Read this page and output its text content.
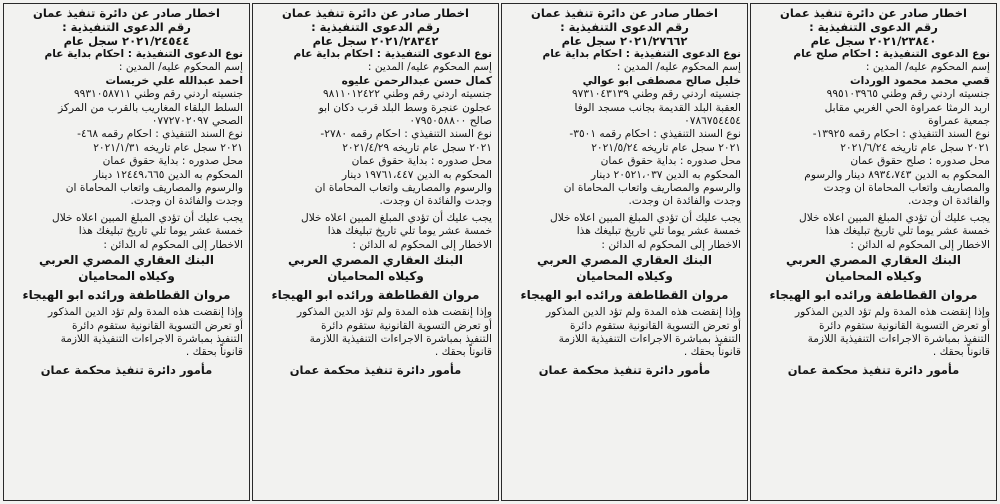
اخطار صادر عن دائرة تنفيذ عمان
رقم الدعوى التنفيذية :
٢٠٢١/٢٣٨٤٠ سجل عام
نوع الدعوى التنفيذية : احكام صلح عام
إسم المحكوم عليه/ المدين :
قصي محمد محمود الوردات
جنسيته اردني رقم وطني ٩٩٥١٠٣٩٦٥
اربد الرمثا عمراوة الحي الغربي مقابل
جمعية عمراوة
نوع السند التنفيذي : احكام رقمه ١٣٩٢٥-
٢٠٢١ سجل عام تاريخه ٢٠٢١/٦/٢٤
محل صدوره : صلح حقوق عمان
المحكوم به الدين ٨٩٣٤،٧٤٣ دينار والرسوم
والمصاريف واتعاب المحاماة ان وجدت
والفائدة ان وجدت.
يجب عليك أن تؤدي المبلغ المبين اعلاه خلال
خمسة عشر يوما تلي تاريخ تبليغك هذا
الاخطار إلى المحكوم له الدائن :
البنك العقاري المصري العربي
وكيلاه المحاميان
مروان القطاطفة ورائده ابو الهيجاء
وإذا إنقضت هذه المدة ولم تؤد الدين المذكور
أو تعرض التسوية القانونية ستقوم دائرة
التنفيذ بمباشرة الاجراءات التنفيذية اللازمة
قانوناً بحقك .
مأمور دائرة تنفيذ محكمة عمان
اخطار صادر عن دائرة تنفيذ عمان
رقم الدعوى التنفيذية :
٢٠٢١/٢٧٦٦٢ سجل عام
نوع الدعوى التنفيذية : احكام بداية عام
إسم المحكوم عليه/ المدين :
خليل صالح مصطفى ابو عوالي
جنسيته اردني رقم وطني ٩٧٣١٠٤٣١٣٩
العقبة البلد القديمة بجانب مسجد الوفا
٠٧٨٦٧٥٤٤٥٤
نوع السند التنفيذي : احكام رقمه ٣٥٠١-
٢٠٢١ سجل عام تاريخه ٢٠٢١/٥/٢٤
محل صدوره : بداية حقوق عمان
المحكوم به الدين ٢٠٥٢١،٠٣٧ دينار
والرسوم والمصاريف واتعاب المحاماة ان
وجدت والفائدة ان وجدت.
يجب عليك أن تؤدي المبلغ المبين اعلاه خلال
خمسة عشر يوما تلي تاريخ تبليغك هذا
الاخطار إلى المحكوم له الدائن :
البنك العقاري المصري العربي
وكيلاه المحاميان
مروان القطاطفة ورائده ابو الهيجاء
وإذا إنقضت هذه المدة ولم تؤد الدين المذكور
أو تعرض التسوية القانونية ستقوم دائرة
التنفيذ بمباشرة الاجراءات التنفيذية اللازمة
قانوناً بحقك .
مأمور دائرة تنفيذ محكمة عمان
اخطار صادر عن دائرة تنفيذ عمان
رقم الدعوى التنفيذية :
٢٠٢١/٢٨٣٤٢ سجل عام
نوع الدعوى التنفيذية : احكام بداية عام
إسم المحكوم عليه/ المدين :
كمال حسن عبدالرحمن عليوه
جنسيته اردني رقم وطني ٩٨١١٠١٢٤٢٢
عجلون عنجرة وسط البلد قرب دكان ابو
صالح ٠٧٩٥٠٥٨٨٠٠
نوع السند التنفيذي : احكام رقمه ٢٧٨٠-
٢٠٢١ سجل عام تاريخه ٢٠٢١/٤/٢٩
محل صدوره : بداية حقوق عمان
المحكوم به الدين ١٩٧٦١،٤٤٧ دينار
والرسوم والمصاريف واتعاب المحاماة ان
وجدت والفائدة ان وجدت.
يجب عليك أن تؤدي المبلغ المبين اعلاه خلال
خمسة عشر يوما تلي تاريخ تبليغك هذا
الاخطار إلى المحكوم له الدائن :
البنك العقاري المصري العربي
وكيلاه المحاميان
مروان القطاطفة ورائده ابو الهيجاء
وإذا إنقضت هذه المدة ولم تؤد الدين المذكور
أو تعرض التسوية القانونية ستقوم دائرة
التنفيذ بمباشرة الاجراءات التنفيذية اللازمة
قانوناً بحقك .
مأمور دائرة تنفيذ محكمة عمان
اخطار صادر عن دائرة تنفيذ عمان
رقم الدعوى التنفيذية :
٢٠٢١/٢٤٥٤٤ سجل عام
نوع الدعوى التنفيذية : احكام بداية عام
إسم المحكوم عليه/ المدين :
احمد عبدالله علي خريسات
جنسيته اردني رقم وطني ٩٩٣١٠٥٨٧١١
السلط البلقاء المغاريب بالقرب من المركز
الصحي ٠٧٧٢٧٠٢٠٩٧
نوع السند التنفيذي : احكام رقمه ٤٦٨-
٢٠٢١ سجل عام تاريخه ٢٠٢١/١/٣١
محل صدوره : بداية حقوق عمان
المحكوم به الدين ١٢٤٤٩،٦٦٥ دينار
والرسوم والمصاريف واتعاب المحاماة ان
وجدت والفائدة ان وجدت.
يجب عليك أن تؤدي المبلغ المبين اعلاه خلال
خمسة عشر يوما تلي تاريخ تبليغك هذا
الاخطار إلى المحكوم له الدائن :
البنك العقاري المصري العربي
وكيلاه المحاميان
مروان القطاطفة ورائده ابو الهيجاء
وإذا إنقضت هذه المدة ولم تؤد الدين المذكور
أو تعرض التسوية القانونية ستقوم دائرة
التنفيذ بمباشرة الاجراءات التنفيذية اللازمة
قانوناً بحقك .
مأمور دائرة تنفيذ محكمة عمان
